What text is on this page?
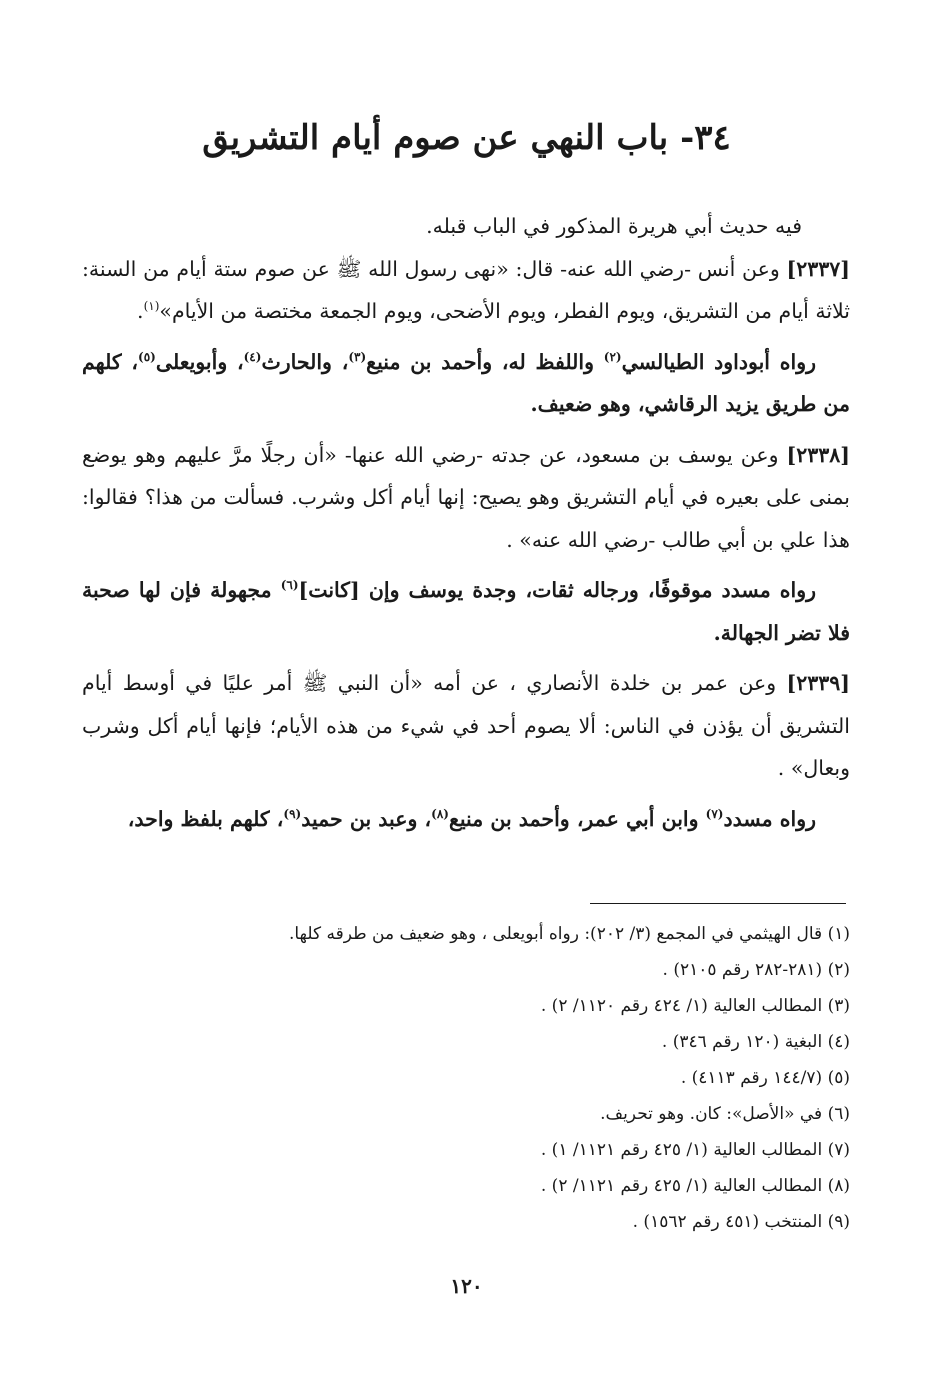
٣٤- باب النهي عن صوم أيام التشريق

فيه حديث أبي هريرة المذكور في الباب قبله.

[٢٣٣٧] وعن أنس -رضي الله عنه- قال: «نهى رسول الله ﷺ عن صوم ستة أيام من السنة: ثلاثة أيام من التشريق، ويوم الفطر، ويوم الأضحى، ويوم الجمعة مختصة من الأيام»$^{(١)}$.

رواه أبوداود الطيالسي$^{(٢)}$ واللفظ له، وأحمد بن منيع$^{(٣)}$، والحارث$^{(٤)}$، وأبويعلى$^{(٥)}$، كلهم من طريق يزيد الرقاشي، وهو ضعيف.

[٢٣٣٨] وعن يوسف بن مسعود، عن جدته -رضي الله عنها- «أن رجلًا مرَّ عليهم وهو يوضع بمنى على بعيره في أيام التشريق وهو يصيح: إنها أيام أكل وشرب. فسألت من هذا؟ فقالوا: هذا علي بن أبي طالب -رضي الله عنه» .

رواه مسدد موقوفًا، ورجاله ثقات، وجدة يوسف وإن [كانت]$^{(٦)}$ مجهولة فإن لها صحبة فلا تضر الجهالة.

[٢٣٣٩] وعن عمر بن خلدة الأنصاري ، عن أمه «أن النبي ﷺ أمر عليًا في أوسط أيام التشريق أن يؤذن في الناس: ألا يصوم أحد في شيء من هذه الأيام؛ فإنها أيام أكل وشرب وبعال» .

رواه مسدد$^{(٧)}$ وابن أبي عمر، وأحمد بن منيع$^{(٨)}$، وعبد بن حميد$^{(٩)}$، كلهم بلفظ واحد،

(١) قال الهيثمي في المجمع (٣/ ٢٠٢): رواه أبويعلى ، وهو ضعيف من طرقه كلها.
(٢) (٢٨١-٢٨٢ رقم ٢١٠٥) .
(٣) المطالب العالية (١/ ٤٢٤ رقم ١١٢٠/ ٢) .
(٤) البغية (١٢٠ رقم ٣٤٦) .
(٥) (١٤٤/٧ رقم ٤١١٣) .
(٦) في «الأصل»: كان. وهو تحريف.
(٧) المطالب العالية (١/ ٤٢٥ رقم ١١٢١/ ١) .
(٨) المطالب العالية (١/ ٤٢٥ رقم ١١٢١/ ٢) .
(٩) المنتخب (٤٥١ رقم ١٥٦٢) .
١٢٠
